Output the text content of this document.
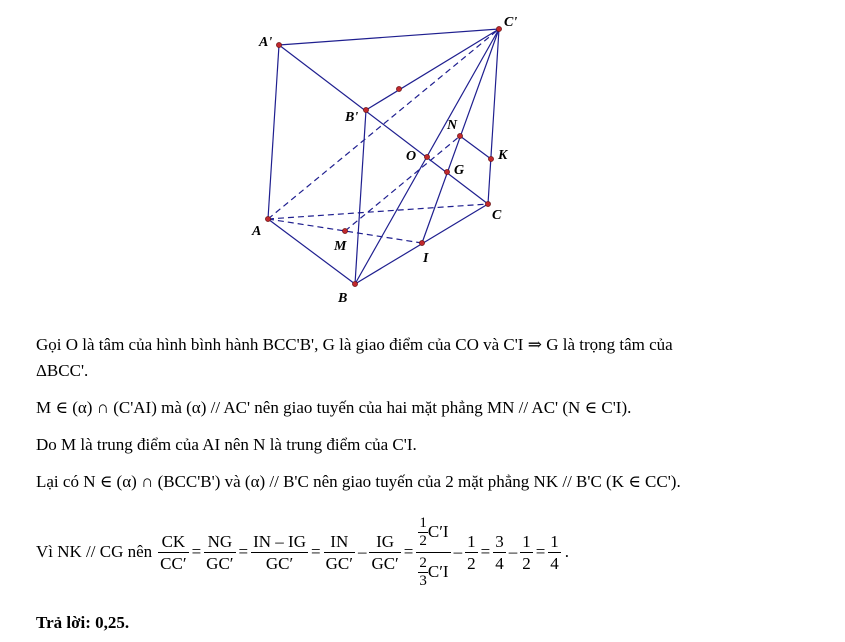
A'
C'
B'
N
O	K
G
C
A
M
I
B
Gọi O là tâm của hình bình hành BCC'B', G là giao điểm của CO và C'I ⇒ G là trọng tâm của
ΔBCC'.
M ∈ (α) ∩ (C'AI) mà (α) // AC' nên giao tuyến của hai mặt phẳng MN // AC' (N ∈ C'I).
Do M là trung điểm của AI nên N là trung điểm của C'I.
Lại có N ∈ (α) ∩ (BCC'B') và (α) // B'C nên giao tuyến của 2 mặt phẳng NK // B'C (K ∈ CC').
Vì NK // CG nên $\frac{CK}{CC'} = \frac{NG}{GC'} = \frac{IN - IG}{GC'} = \frac{IN}{GC'} - \frac{IG}{GC'} = 1$
2 C′I
2
3 $C'I - \frac{1}{2} = \frac{3}{4} - \frac{1}{2} = \frac{1}{4}$ .
Trả lời: 0,25.
